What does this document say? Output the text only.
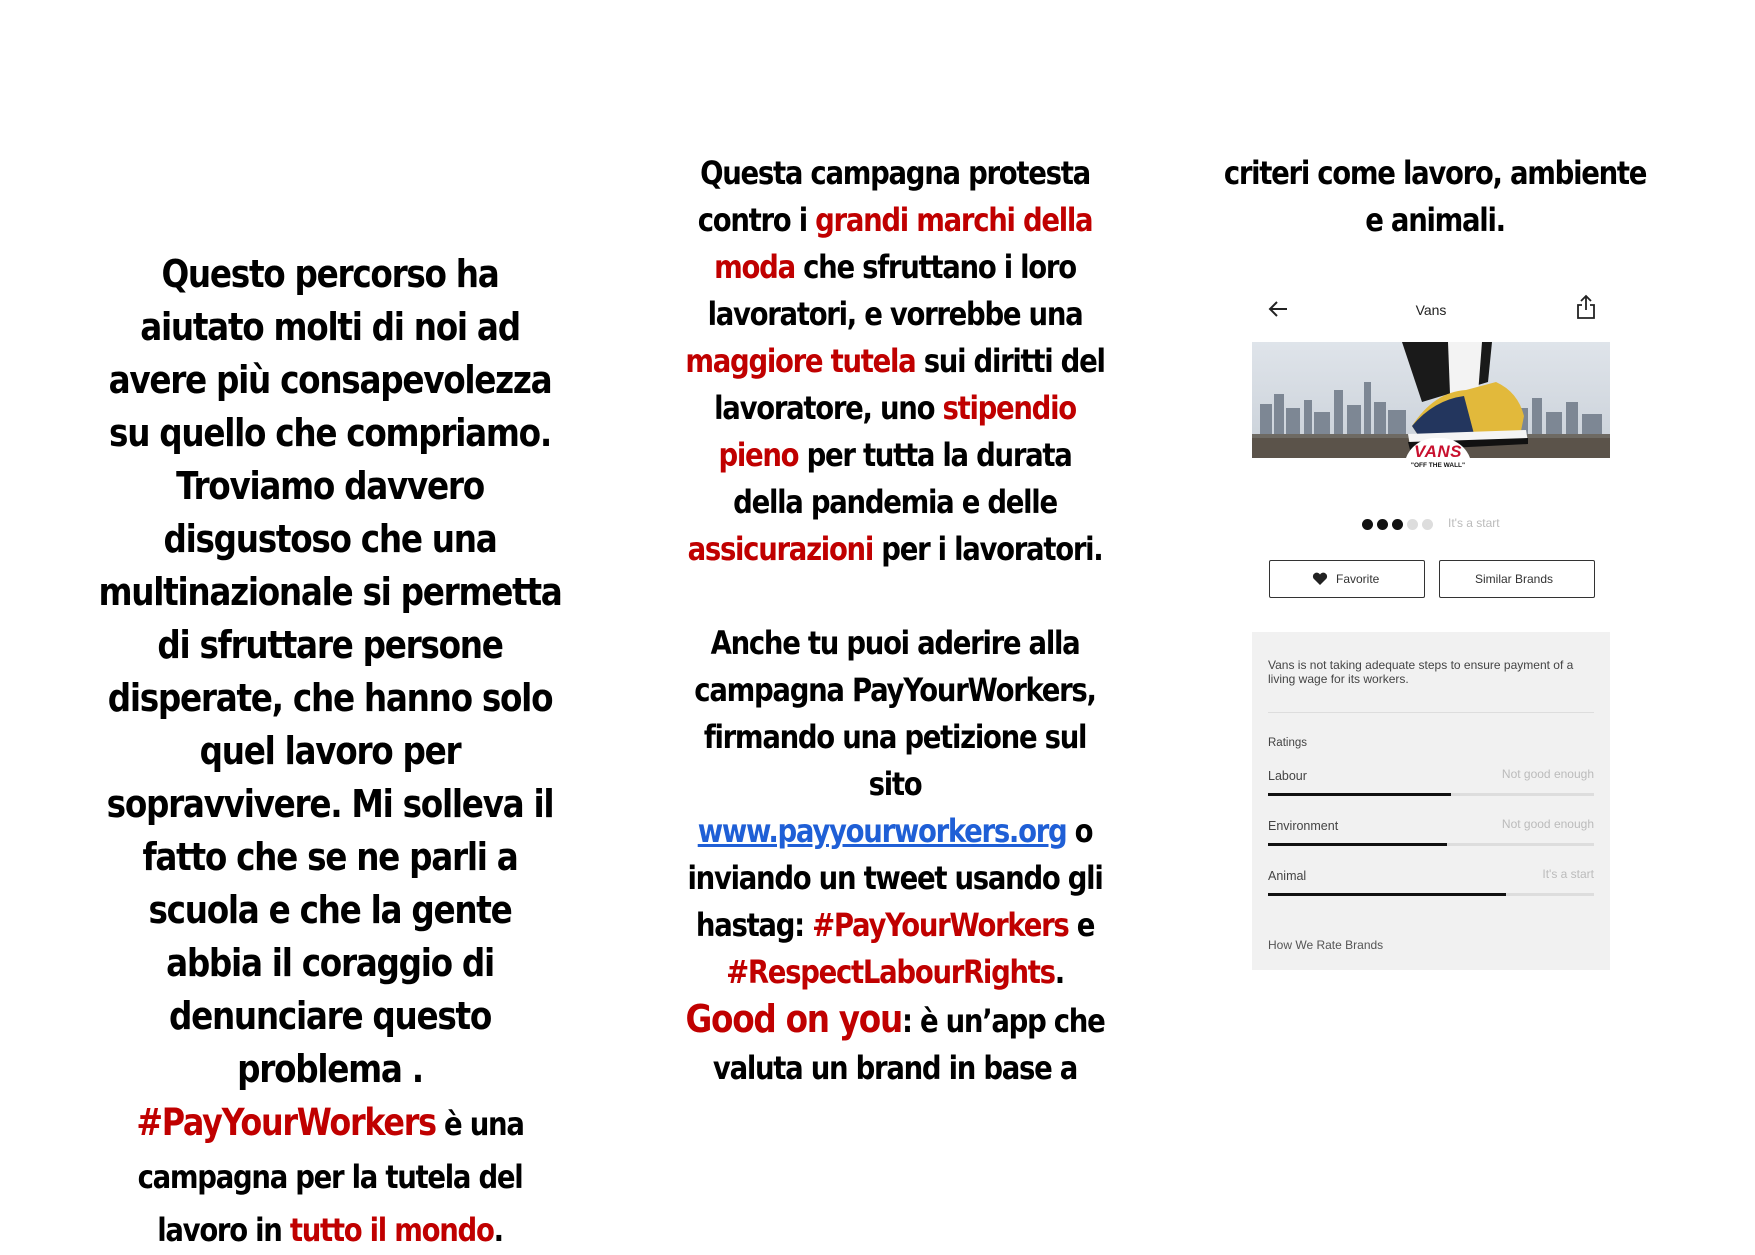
Questo percorso ha aiutato molti di noi ad avere più consapevolezza su quello che compriamo. Troviamo davvero disgustoso che una multinazionale si permetta di sfruttare persone disperate, che hanno solo quel lavoro per sopravvivere. Mi solleva il fatto che se ne parli a scuola e che la gente abbia il coraggio di denunciare questo problema .
#PayYourWorkers è una campagna per la tutela del lavoro in tutto il mondo.

Questa campagna protesta contro i grandi marchi della moda che sfruttano i loro lavoratori, e vorrebbe una maggiore tutela sui diritti del lavoratore, uno stipendio pieno per tutta la durata della pandemia e delle assicurazioni per i lavoratori.

Anche tu puoi aderire alla campagna PayYourWorkers, firmando una petizione sul sito www.payyourworkers.org o inviando un tweet usando gli hastag: #PayYourWorkers e #RespectLabourRights.
Good on you: è un’app che valuta un brand in base a

criteri come lavoro, ambiente e animali.

Vans
VANS
"OFF THE WALL"
It's a start
Favorite	Similar Brands
Vans is not taking adequate steps to ensure payment of a living wage for its workers.
Ratings
Labour	Not good enough
Environment	Not good enough
Animal	It's a start
How We Rate Brands
